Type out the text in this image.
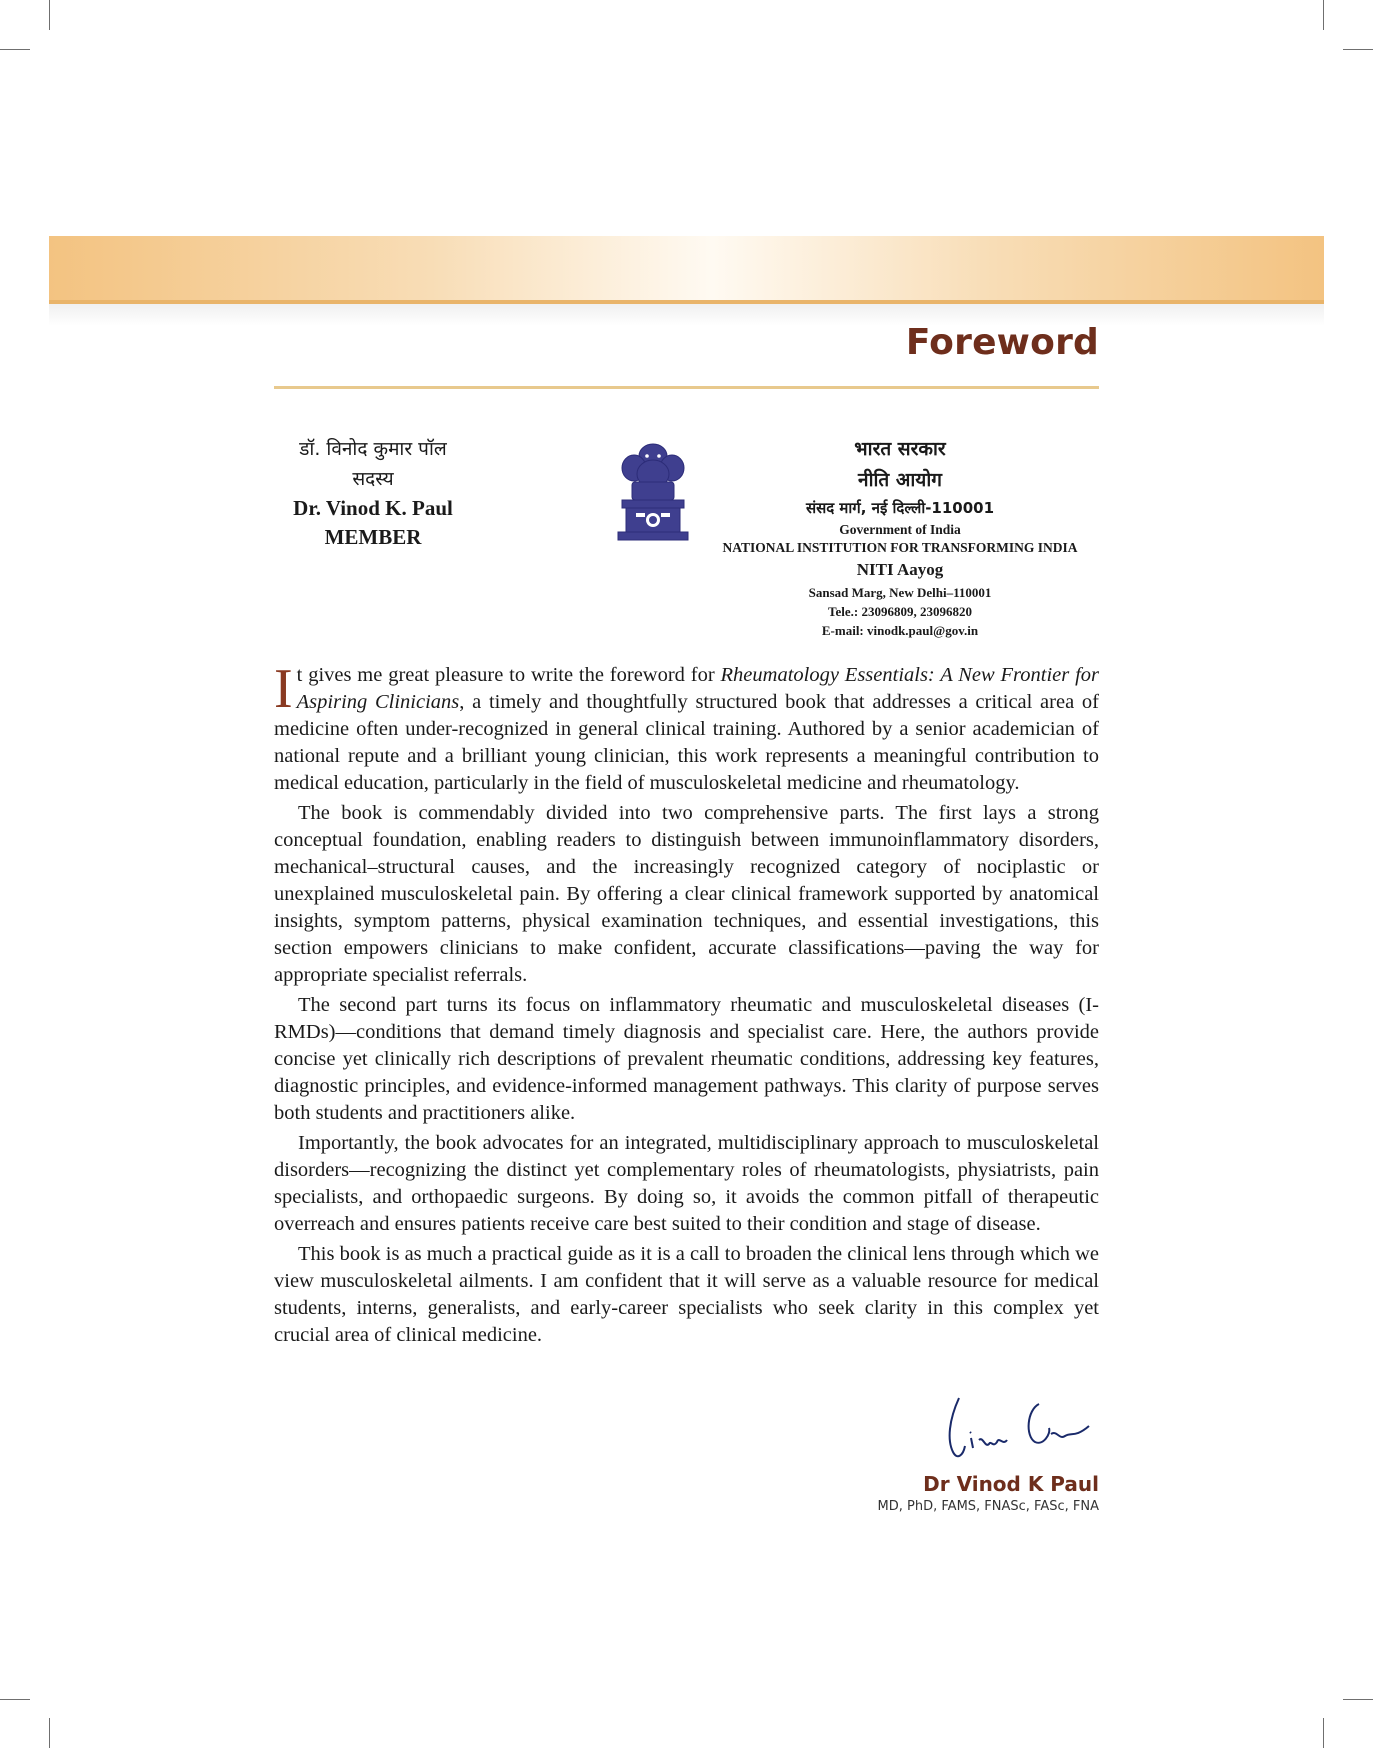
Foreword
डॉ. विनोद कुमार पॉल
सदस्य
Dr. Vinod K. Paul
MEMBER
भारत सरकार
नीति आयोग
संसद मार्ग, नई दिल्ली-110001
Government of India
NATIONAL INSTITUTION FOR TRANSFORMING INDIA
NITI Aayog
Sansad Marg, New Delhi–110001
Tele.: 23096809, 23096820
E-mail: vinodk.paul@gov.in

It gives me great pleasure to write the foreword for Rheumatology Essentials: A New Frontier for Aspiring Clinicians, a timely and thoughtfully structured book that addresses a critical area of medicine often under-recognized in general clinical training. Authored by a senior academician of national repute and a brilliant young clinician, this work represents a meaningful contribution to medical education, particularly in the field of musculoskeletal medicine and rheumatology.

The book is commendably divided into two comprehensive parts. The first lays a strong conceptual foundation, enabling readers to distinguish between immunoinflammatory disorders, mechanical–structural causes, and the increasingly recognized category of nociplastic or unexplained musculoskeletal pain. By offering a clear clinical framework supported by anatomical insights, symptom patterns, physical examination techniques, and essential investigations, this section empowers clinicians to make confident, accurate classifications—paving the way for appropriate specialist referrals.

The second part turns its focus on inflammatory rheumatic and musculoskeletal diseases (I-RMDs)—conditions that demand timely diagnosis and specialist care. Here, the authors provide concise yet clinically rich descriptions of prevalent rheumatic conditions, addressing key features, diagnostic principles, and evidence-informed management pathways. This clarity of purpose serves both students and practitioners alike.

Importantly, the book advocates for an integrated, multidisciplinary approach to musculoskeletal disorders—recognizing the distinct yet complementary roles of rheumatologists, physiatrists, pain specialists, and orthopaedic surgeons. By doing so, it avoids the common pitfall of therapeutic overreach and ensures patients receive care best suited to their condition and stage of disease.

This book is as much a practical guide as it is a call to broaden the clinical lens through which we view musculoskeletal ailments. I am confident that it will serve as a valuable resource for medical students, interns, generalists, and early-career specialists who seek clarity in this complex yet crucial area of clinical medicine.

Dr Vinod K Paul
MD, PhD, FAMS, FNASc, FASc, FNA
